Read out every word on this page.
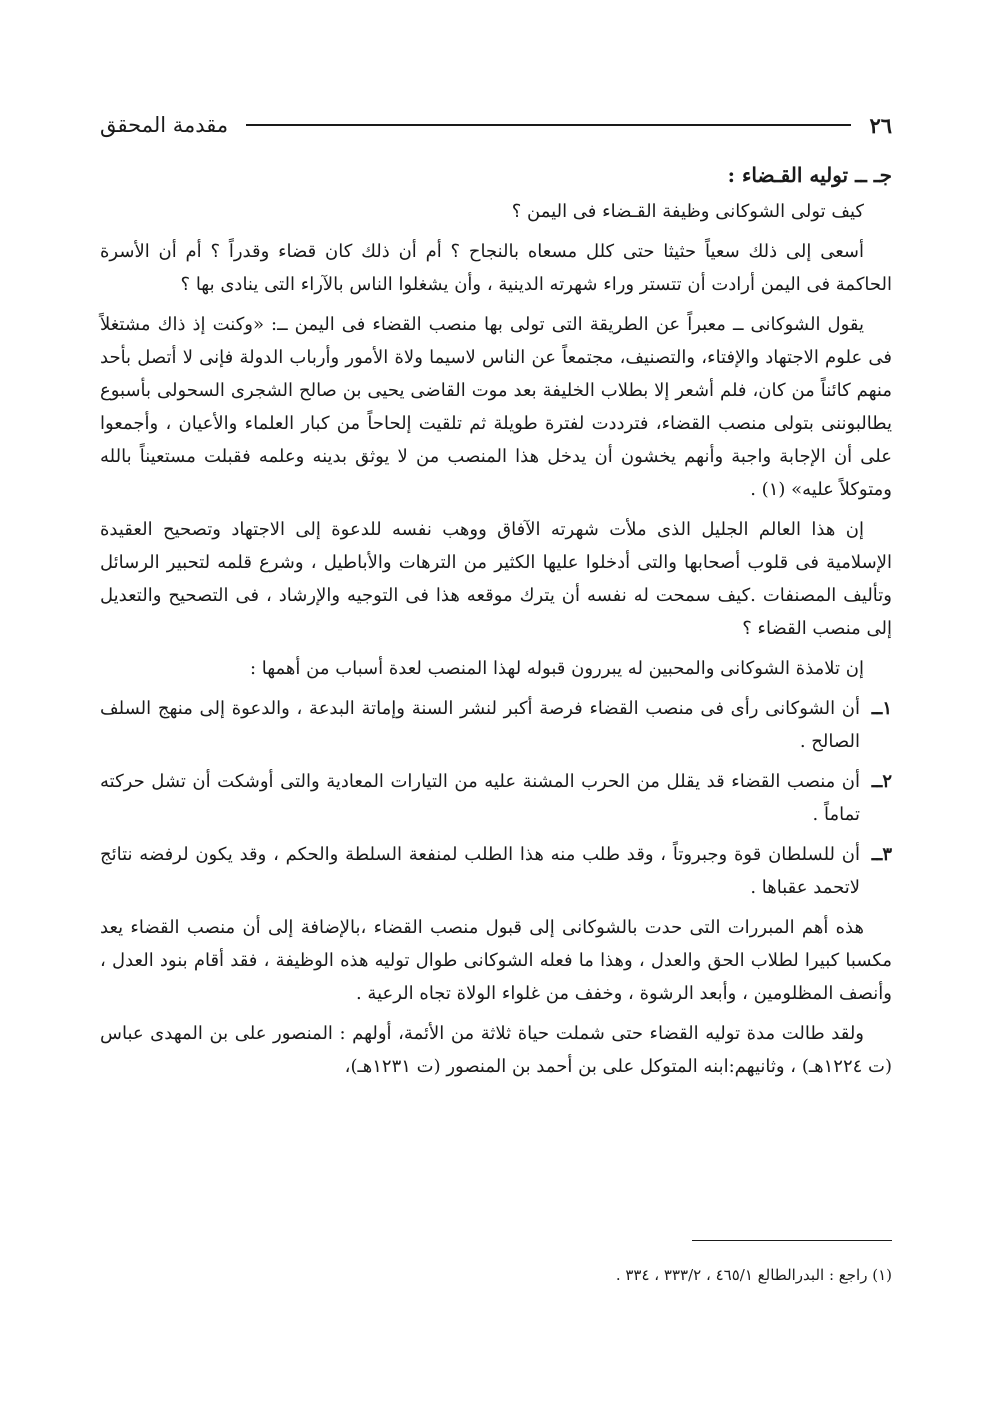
٢٦
مقدمة المحقق
جـ ــ توليه القـضاء :

كيف تولى الشوكانى وظيفة القـضاء فى اليمن ؟

أسعى إلى ذلك سعياً حثيثا حتى كلل مسعاه بالنجاح ؟ أم أن ذلك كان قضاء وقدراً ؟ أم أن الأسرة الحاكمة فى اليمن أرادت أن تتستر وراء شهرته الدينية ، وأن يشغلوا الناس بالآراء التى ينادى بها ؟

يقول الشوكانى ــ معبراً عن الطريقة التى تولى بها منصب القضاء فى اليمن ــ: «وكنت إذ ذاك مشتغلاً فى علوم الاجتهاد والإفتاء، والتصنيف، مجتمعاً عن الناس لاسيما ولاة الأمور وأرباب الدولة فإنى لا أتصل بأحد منهم كائناً من كان، فلم أشعر إلا بطلاب الخليفة بعد موت القاضى يحيى بن صالح الشجرى السحولى بأسبوع يطالبوننى بتولى منصب القضاء، فترددت لفترة طويلة ثم تلقيت إلحاحاً من كبار العلماء والأعيان ، وأجمعوا على أن الإجابة واجبة وأنهم يخشون أن يدخل هذا المنصب من لا يوثق بدينه وعلمه فقبلت مستعيناً بالله ومتوكلاً عليه» (١) .

إن هذا العالم الجليل الذى ملأت شهرته الآفاق ووهب نفسه للدعوة إلى الاجتهاد وتصحيح العقيدة الإسلامية فى قلوب أصحابها والتى أدخلوا عليها الكثير من الترهات والأباطيل ، وشرع قلمه لتحبير الرسائل وتأليف المصنفات .كيف سمحت له نفسه أن يترك موقعه هذا فى التوجيه والإرشاد ، فى التصحيح والتعديل إلى منصب القضاء ؟

إن تلامذة الشوكانى والمحبين له يبررون قبوله لهذا المنصب لعدة أسباب من أهمها :

١ــ
أن الشوكانى رأى فى منصب القضاء فرصة أكبر لنشر السنة وإماتة البدعة ، والدعوة إلى منهج السلف الصالح .
٢ــ
أن منصب القضاء قد يقلل من الحرب المشنة عليه من التيارات المعادية والتى أوشكت أن تشل حركته تماماً .
٣ــ
أن للسلطان قوة وجبروتاً ، وقد طلب منه هذا الطلب لمنفعة السلطة والحكم ، وقد يكون لرفضه نتائج لاتحمد عقباها .

هذه أهم المبررات التى حدت بالشوكانى إلى قبول منصب القضاء ،بالإضافة إلى أن منصب القضاء يعد مكسبا كبيرا لطلاب الحق والعدل ، وهذا ما فعله الشوكانى طوال توليه هذه الوظيفة ، فقد أقام بنود العدل ، وأنصف المظلومين ، وأبعد الرشوة ، وخفف من غلواء الولاة تجاه الرعية .

ولقد طالت مدة توليه القضاء حتى شملت حياة ثلاثة من الأئمة، أولهم : المنصور على بن المهدى عباس (ت ١٢٢٤هـ) ، وثانيهم:ابنه المتوكل على بن أحمد بن المنصور (ت ١٢٣١هـ)،

(١) راجع : البدرالطالع ٤٦٥/١ ، ٣٣٣/٢ ، ٣٣٤ .
